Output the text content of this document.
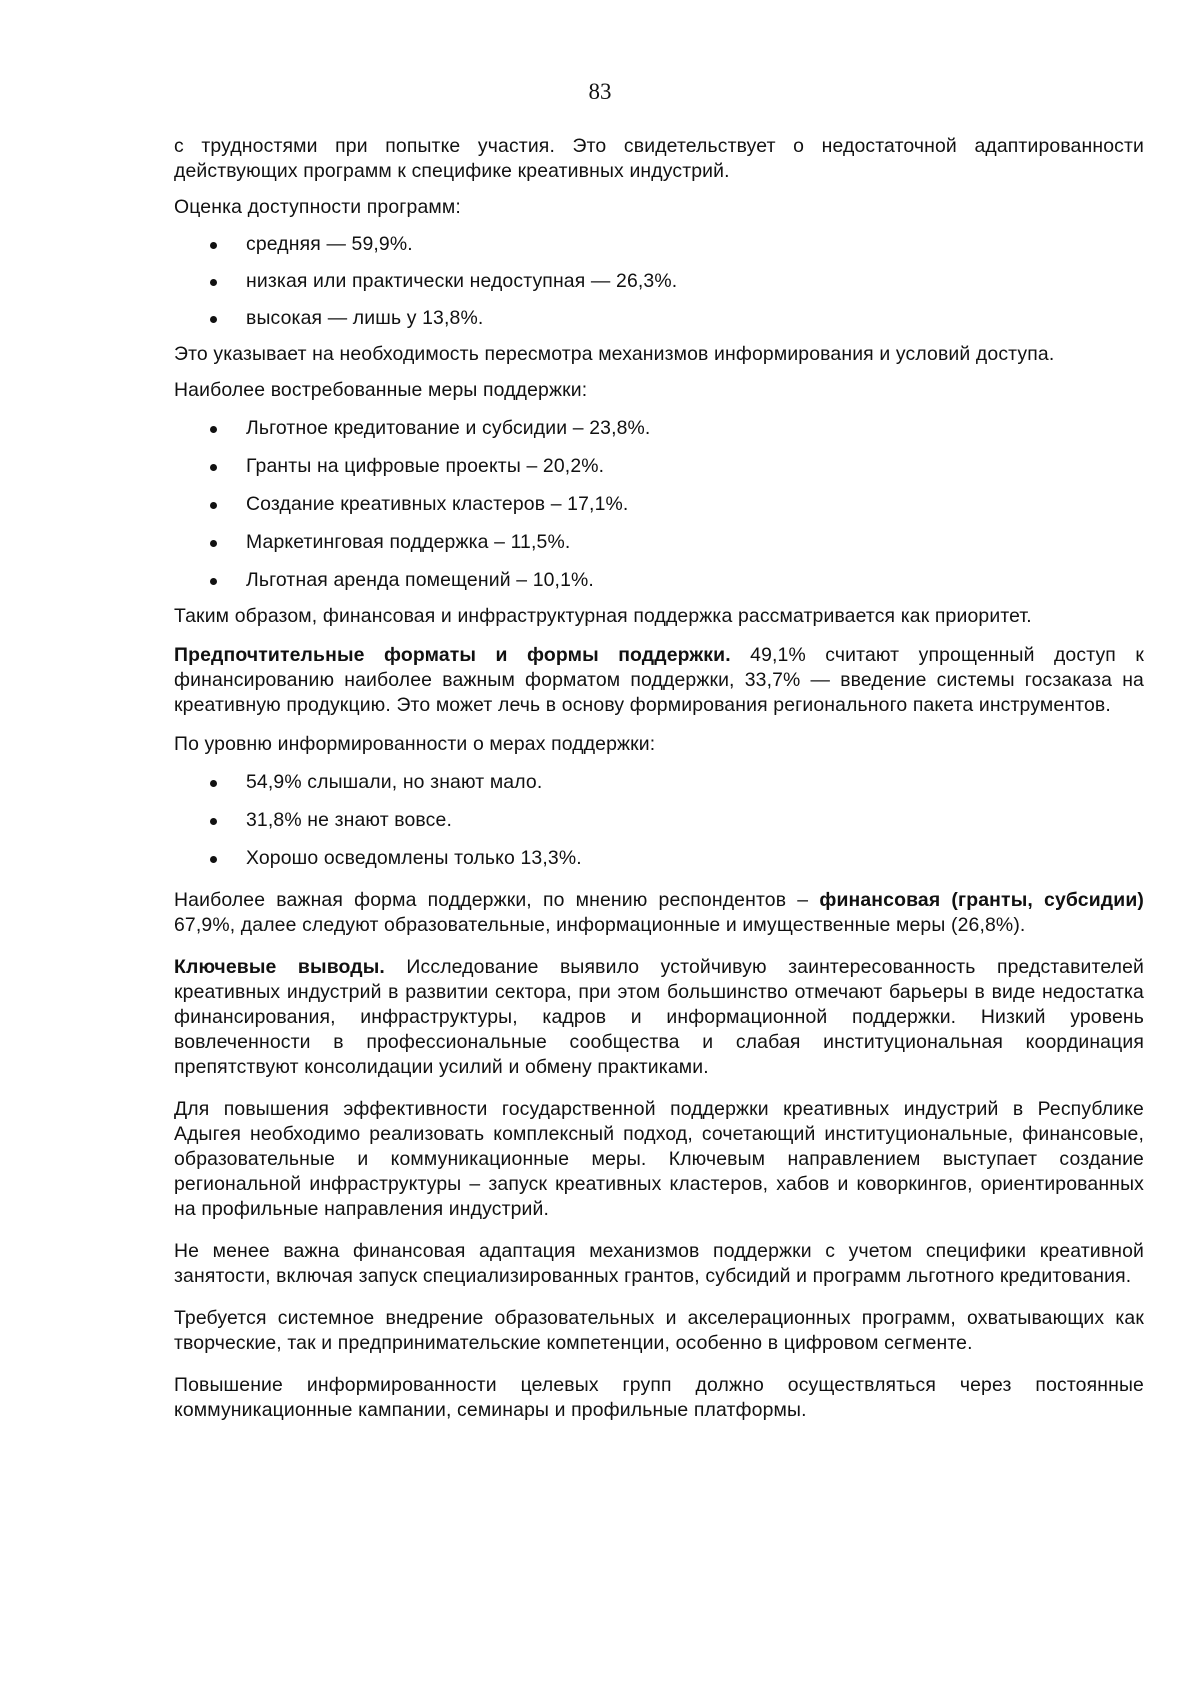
83

с трудностями при попытке участия. Это свидетельствует о недостаточной адаптированности действующих программ к специфике креативных индустрий.

Оценка доступности программ:

средняя — 59,9%.
низкая или практически недоступная — 26,3%.
высокая — лишь у 13,8%.

Это указывает на необходимость пересмотра механизмов информирования и условий доступа.

Наиболее востребованные меры поддержки:

Льготное кредитование и субсидии – 23,8%.
Гранты на цифровые проекты – 20,2%.
Создание креативных кластеров – 17,1%.
Маркетинговая поддержка – 11,5%.
Льготная аренда помещений – 10,1%.

Таким образом, финансовая и инфраструктурная поддержка рассматривается как приоритет.

Предпочтительные форматы и формы поддержки. 49,1% считают упрощенный доступ к финансированию наиболее важным форматом поддержки, 33,7% — введение системы госзаказа на креативную продукцию. Это может лечь в основу формирования регионального пакета инструментов.

По уровню информированности о мерах поддержки:

54,9% слышали, но знают мало.
31,8% не знают вовсе.
Хорошо осведомлены только 13,3%.

Наиболее важная форма поддержки, по мнению респондентов – финансовая (гранты, субсидии) 67,9%, далее следуют образовательные, информационные и имущественные меры (26,8%).

Ключевые выводы. Исследование выявило устойчивую заинтересованность представителей креативных индустрий в развитии сектора, при этом большинство отмечают барьеры в виде недостатка финансирования, инфраструктуры, кадров и информационной поддержки. Низкий уровень вовлеченности в профессиональные сообщества и слабая институциональная координация препятствуют консолидации усилий и обмену практиками.

Для повышения эффективности государственной поддержки креативных индустрий в Республике Адыгея необходимо реализовать комплексный подход, сочетающий институциональные, финансовые, образовательные и коммуникационные меры. Ключевым направлением выступает создание региональной инфраструктуры – запуск креативных кластеров, хабов и коворкингов, ориентированных на профильные направления индустрий.

Не менее важна финансовая адаптация механизмов поддержки с учетом специфики креативной занятости, включая запуск специализированных грантов, субсидий и программ льготного кредитования.

Требуется системное внедрение образовательных и акселерационных программ, охватывающих как творческие, так и предпринимательские компетенции, особенно в цифровом сегменте.

Повышение информированности целевых групп должно осуществляться через постоянные коммуникационные кампании, семинары и профильные платформы.
